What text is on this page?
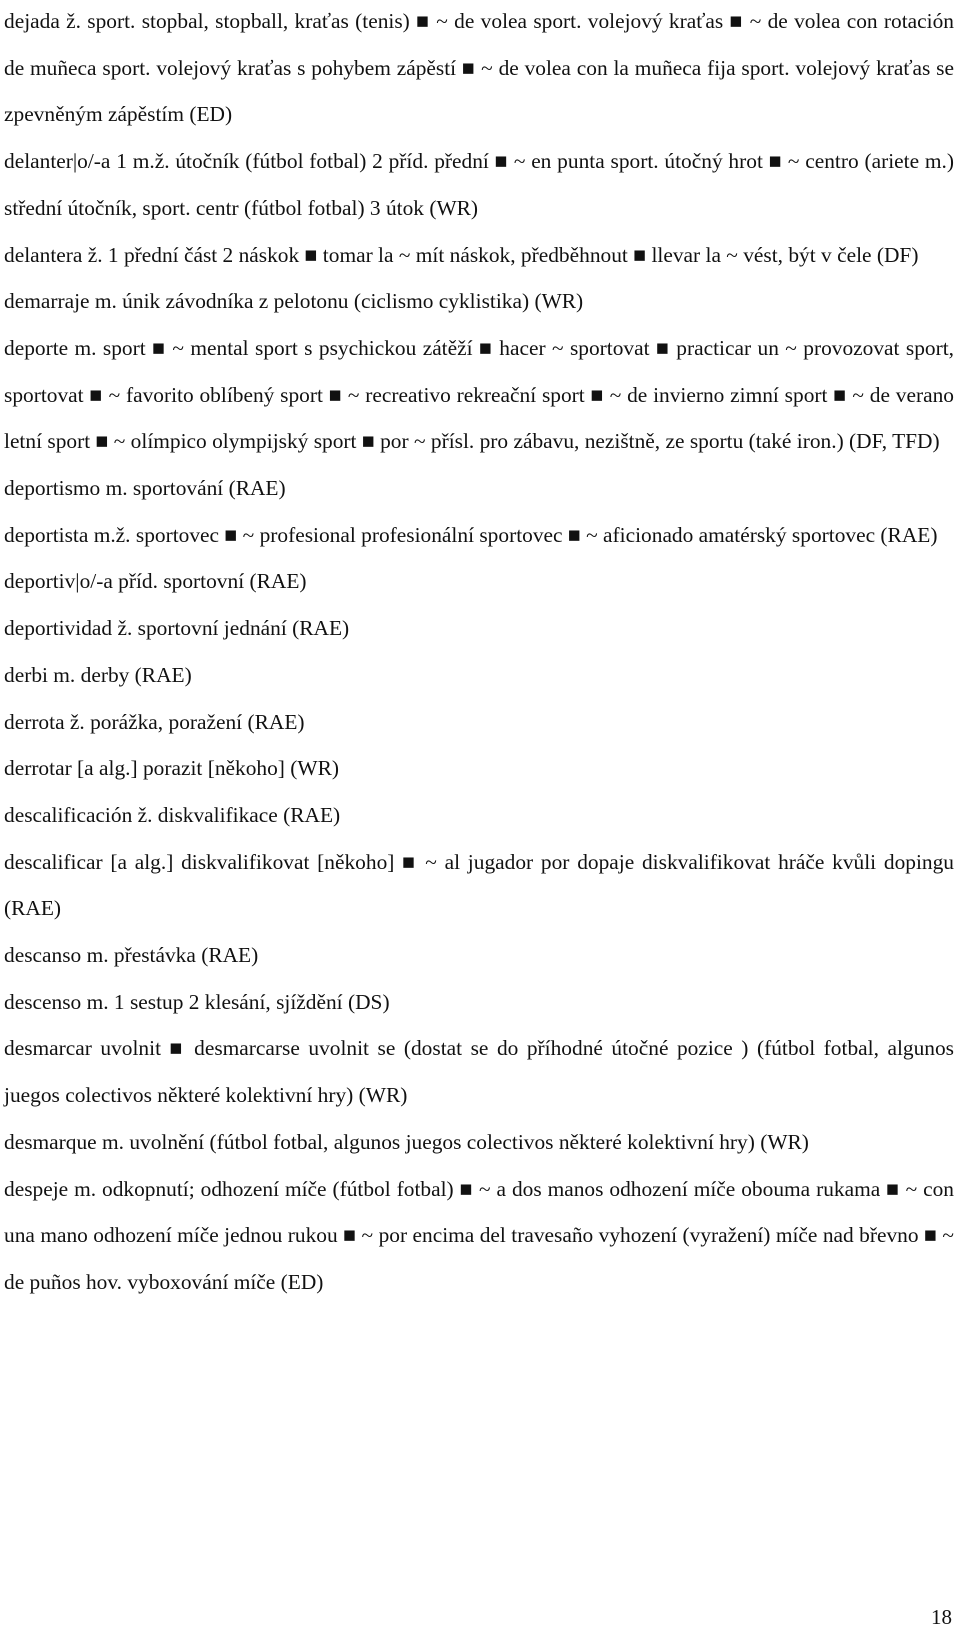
dejada ž. sport. stopbal, stopball, kraťas (tenis) ■ ~ de volea sport. volejový kraťas ■ ~ de volea con rotación de muñeca sport. volejový kraťas s pohybem zápěstí ■ ~ de volea con la muñeca fija sport. volejový kraťas se zpevněným zápěstím (ED)

delanter|o/-a 1 m.ž. útočník (fútbol fotbal) 2 příd. přední ■ ~ en punta sport. útočný hrot ■ ~ centro (ariete m.) střední útočník, sport. centr (fútbol fotbal) 3 útok (WR)

delantera ž. 1 přední část 2 náskok ■ tomar la ~ mít náskok, předběhnout ■ llevar la ~ vést, být v čele (DF)

demarraje m. únik závodníka z pelotonu (ciclismo cyklistika) (WR)

deporte m. sport ■ ~ mental sport s psychickou zátěží ■ hacer ~ sportovat ■ practicar un ~ provozovat sport, sportovat ■ ~ favorito oblíbený sport ■ ~ recreativo rekreační sport ■ ~ de invierno zimní sport ■ ~ de verano letní sport ■ ~ olímpico olympijský sport ■ por ~ přísl. pro zábavu, nezištně, ze sportu (také iron.) (DF, TFD)

deportismo m. sportování (RAE)

deportista m.ž. sportovec ■ ~ profesional profesionální sportovec ■ ~ aficionado amatérský sportovec (RAE)

deportiv|o/-a příd. sportovní (RAE)

deportividad ž. sportovní jednání (RAE)

derbi m. derby (RAE)

derrota ž. porážka, poražení (RAE)

derrotar [a alg.] porazit [někoho] (WR)

descalificación ž. diskvalifikace (RAE)

descalificar [a alg.] diskvalifikovat [někoho] ■ ~ al jugador por dopaje diskvalifikovat hráče kvůli dopingu (RAE)

descanso m. přestávka (RAE)

descenso m. 1 sestup 2 klesání, sjíždění (DS)

desmarcar uvolnit ■ desmarcarse uvolnit se (dostat se do příhodné útočné pozice ) (fútbol fotbal, algunos juegos colectivos některé kolektivní hry) (WR)

desmarque m. uvolnění (fútbol fotbal, algunos juegos colectivos některé kolektivní hry) (WR)

despeje m. odkopnutí; odhození míče (fútbol fotbal) ■ ~ a dos manos odhození míče obouma rukama ■ ~ con una mano odhození míče jednou rukou ■ ~ por encima del travesaño vyhození (vyražení) míče nad břevno ■ ~ de puños hov. vyboxování míče (ED)

18
